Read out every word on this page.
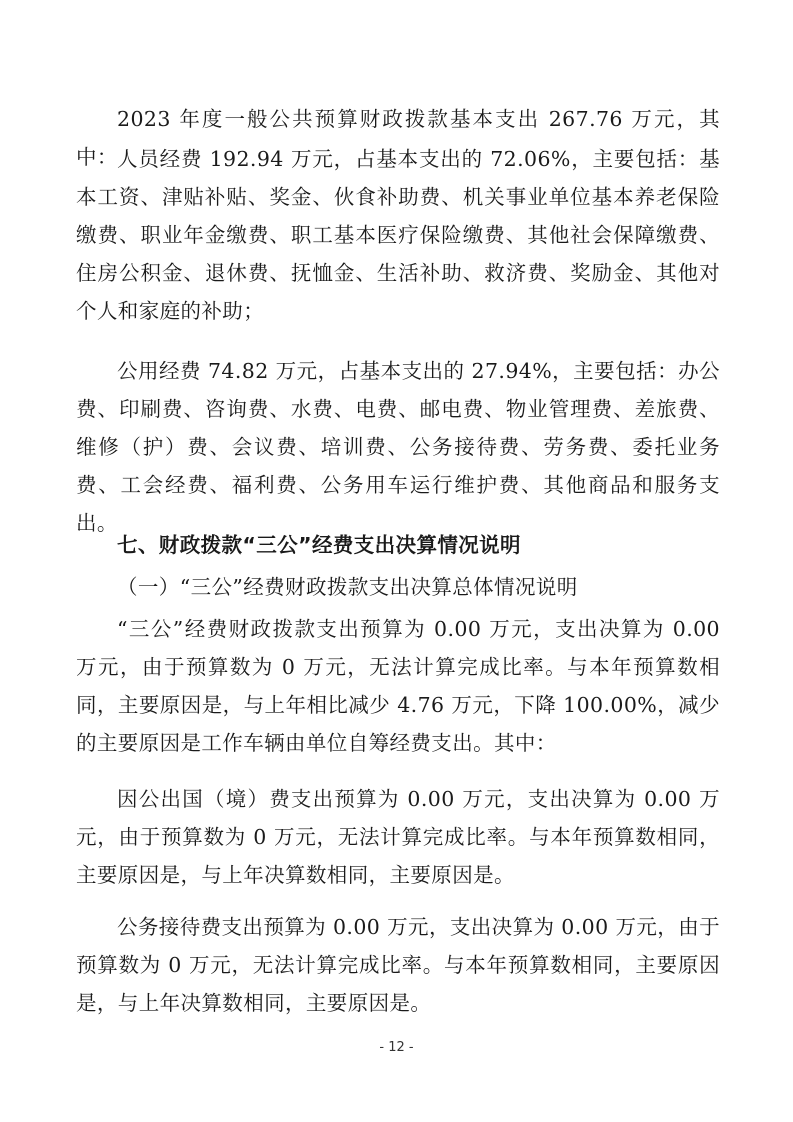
2023 年度一般公共预算财政拨款基本支出 267.76 万元，其中： 人员经费 192.94 万元，占基本支出的 72.06%，主要包括：基本工资、津贴补贴、奖金、伙食补助费、机关事业单位基本养老保险缴费、职业年金缴费、职工基本医疗保险缴费、其他社会保障缴费、住房公积金、退休费、抚恤金、生活补助、救济费、奖励金、其他对个人和家庭的补助；

公用经费 74.82 万元，占基本支出的 27.94%，主要包括：办公费、印刷费、咨询费、水费、电费、邮电费、物业管理费、差旅费、维修（护）费、会议费、培训费、公务接待费、劳务费、委托业务费、工会经费、福利费、公务用车运行维护费、其他商品和服务支出。

七、财政拨款“三公”经费支出决算情况说明

（一）“三公”经费财政拨款支出决算总体情况说明

“三公”经费财政拨款支出预算为 0.00 万元，支出决算为 0.00 万元，由于预算数为 0 万元，无法计算完成比率。与本年预算数相同，主要原因是，与上年相比减少 4.76 万元，下降 100.00%，减少的主要原因是工作车辆由单位自筹经费支出。其中：

因公出国（境）费支出预算为 0.00 万元，支出决算为 0.00 万元，由于预算数为 0 万元，无法计算完成比率。与本年预算数相同，主要原因是，与上年决算数相同，主要原因是。

公务接待费支出预算为 0.00 万元，支出决算为 0.00 万元，由于预算数为 0 万元，无法计算完成比率。与本年预算数相同，主要原因是，与上年决算数相同，主要原因是。

- 12 -
